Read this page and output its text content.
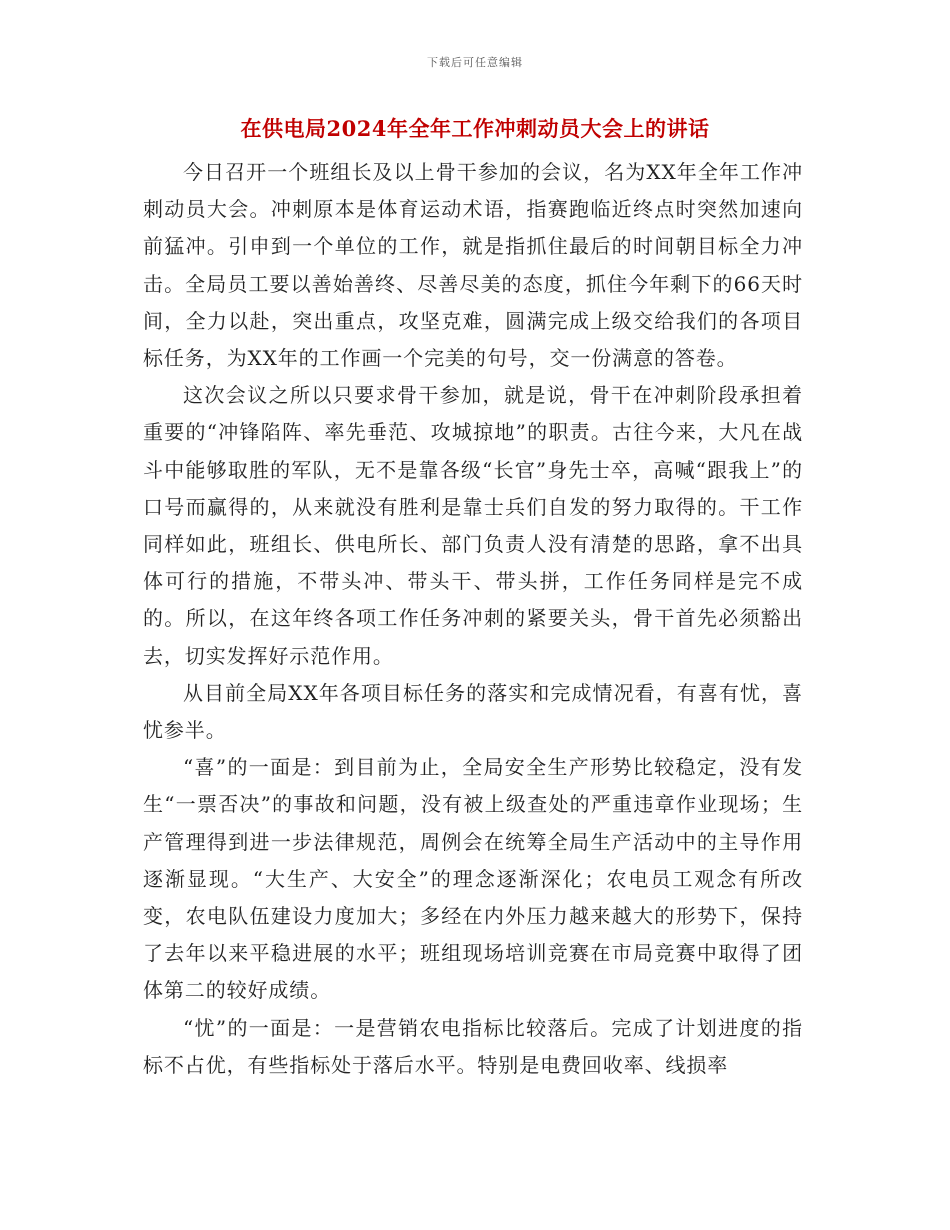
下载后可任意编辑
在供电局2024年全年工作冲刺动员大会上的讲话

今日召开一个班组长及以上骨干参加的会议，名为XX年全年工作冲刺动员大会。冲刺原本是体育运动术语，指赛跑临近终点时突然加速向前猛冲。引申到一个单位的工作，就是指抓住最后的时间朝目标全力冲击。全局员工要以善始善终、尽善尽美的态度，抓住今年剩下的66天时间，全力以赴，突出重点，攻坚克难，圆满完成上级交给我们的各项目标任务，为XX年的工作画一个完美的句号，交一份满意的答卷。

这次会议之所以只要求骨干参加，就是说，骨干在冲刺阶段承担着重要的“冲锋陷阵、率先垂范、攻城掠地”的职责。古往今来，大凡在战斗中能够取胜的军队，无不是靠各级“长官”身先士卒，高喊“跟我上”的口号而赢得的，从来就没有胜利是靠士兵们自发的努力取得的。干工作同样如此，班组长、供电所长、部门负责人没有清楚的思路，拿不出具体可行的措施，不带头冲、带头干、带头拼，工作任务同样是完不成的。所以，在这年终各项工作任务冲刺的紧要关头，骨干首先必须豁出去，切实发挥好示范作用。

从目前全局XX年各项目标任务的落实和完成情况看，有喜有忧，喜忧参半。

“喜”的一面是：到目前为止，全局安全生产形势比较稳定，没有发生“一票否决”的事故和问题，没有被上级查处的严重违章作业现场；生产管理得到进一步法律规范，周例会在统筹全局生产活动中的主导作用逐渐显现。“大生产、大安全”的理念逐渐深化；农电员工观念有所改变，农电队伍建设力度加大；多经在内外压力越来越大的形势下，保持了去年以来平稳进展的水平；班组现场培训竞赛在市局竞赛中取得了团体第二的较好成绩。

“忧”的一面是：一是营销农电指标比较落后。完成了计划进度的指标不占优，有些指标处于落后水平。特别是电费回收率、线损率
